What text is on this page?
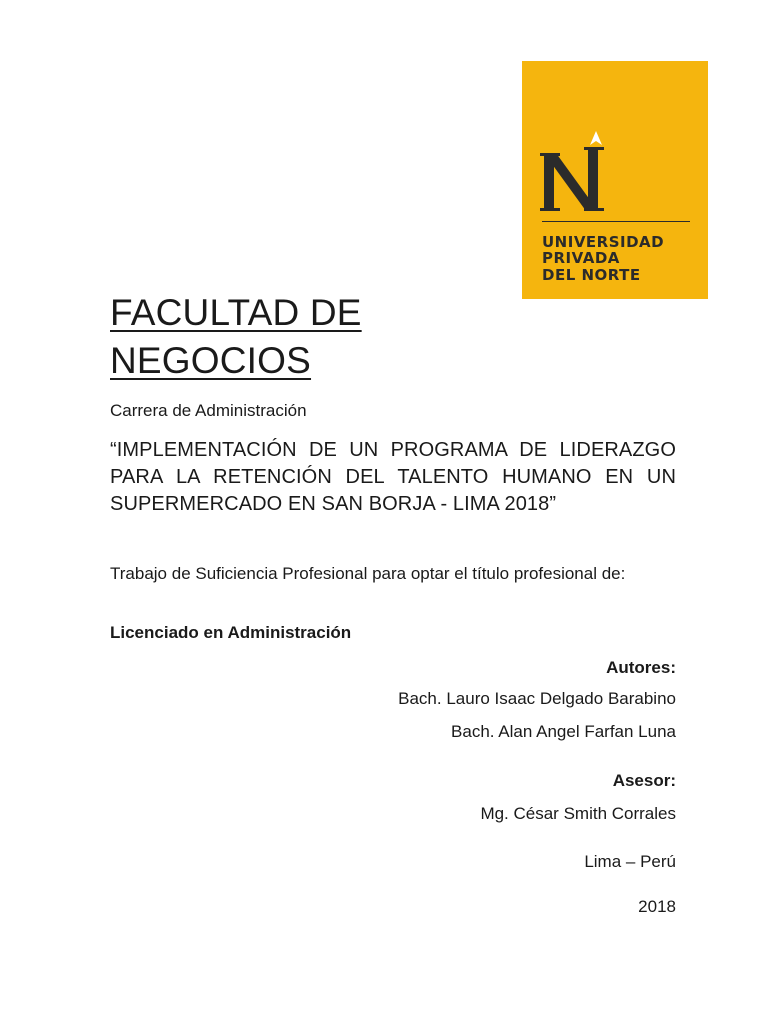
UNIVERSIDAD
PRIVADA
DEL NORTE
FACULTAD DE
NEGOCIOS
Carrera de Administración

“IMPLEMENTACIÓN DE UN PROGRAMA DE LIDERAZGO PARA LA RETENCIÓN DEL TALENTO HUMANO EN UN SUPERMERCADO EN SAN BORJA - LIMA 2018”

Trabajo de Suficiencia Profesional para optar el título profesional de:
Licenciado en Administración
Autores:
Bach. Lauro Isaac Delgado Barabino
Bach. Alan Angel Farfan Luna
Asesor:
Mg. César Smith Corrales
Lima – Perú
2018
